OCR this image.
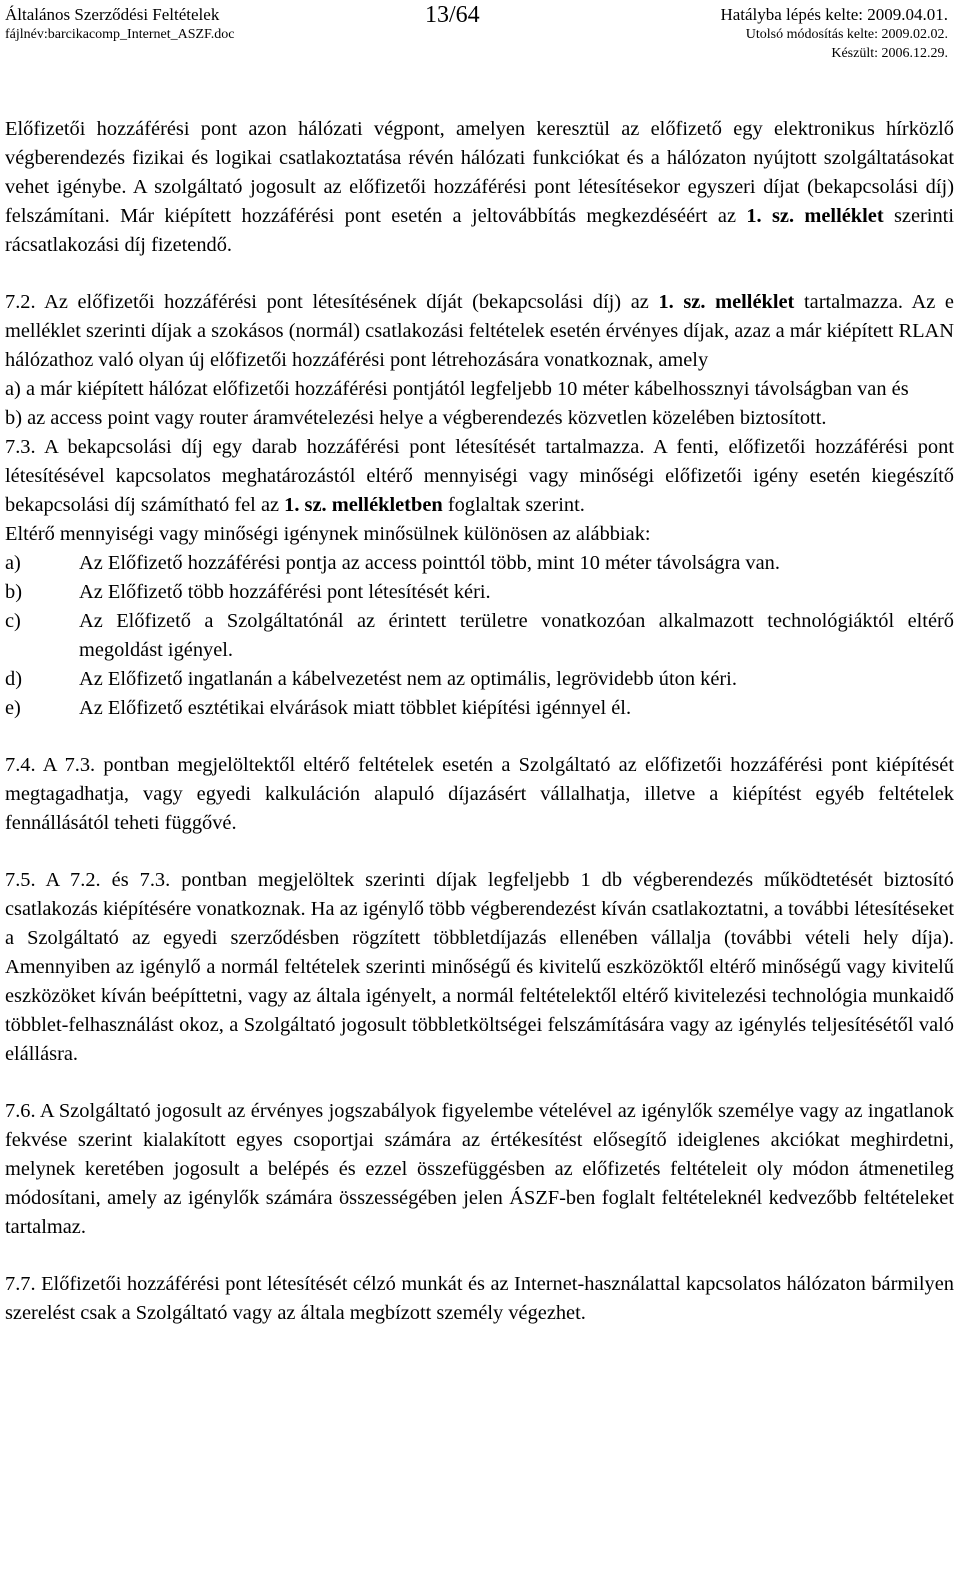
Általános Szerződési Feltételek
fájlnév:barcikacomp_Internet_ASZF.doc
13/64	Hatályba lépés kelte: 2009.04.01.
Utolsó módosítás kelte: 2009.02.02.
Készült: 2006.12.29.

Előfizetői hozzáférési pont azon hálózati végpont, amelyen keresztül az előfizető egy elektronikus hírközlő végberendezés fizikai és logikai csatlakoztatása révén hálózati funkciókat és a hálózaton nyújtott szolgáltatásokat vehet igénybe. A szolgáltató jogosult az előfizetői hozzáférési pont létesítésekor egyszeri díjat (bekapcsolási díj) felszámítani. Már kiépített hozzáférési pont esetén a jeltovábbítás megkezdéséért az 1. sz. melléklet szerinti rácsatlakozási díj fizetendő.

7.2. Az előfizetői hozzáférési pont létesítésének díját (bekapcsolási díj) az 1. sz. melléklet tartalmazza. Az e melléklet szerinti díjak a szokásos (normál) csatlakozási feltételek esetén érvényes díjak, azaz a már kiépített RLAN hálózathoz való olyan új előfizetői hozzáférési pont létrehozására vonatkoznak, amely

a) a már kiépített hálózat előfizetői hozzáférési pontjától legfeljebb 10 méter kábelhossznyi távolságban van és

b) az access point vagy router áramvételezési helye a végberendezés közvetlen közelében biztosított.

7.3. A bekapcsolási díj egy darab hozzáférési pont létesítését tartalmazza. A fenti, előfizetői hozzáférési pont létesítésével kapcsolatos meghatározástól eltérő mennyiségi vagy minőségi előfizetői igény esetén kiegészítő bekapcsolási díj számítható fel az 1. sz. mellékletben foglaltak szerint.

Eltérő mennyiségi vagy minőségi igénynek minősülnek különösen az alábbiak:

a)	Az Előfizető hozzáférési pontja az access pointtól több, mint 10 méter távolságra van.
b)	Az Előfizető több hozzáférési pont létesítését kéri.
c)	Az Előfizető a Szolgáltatónál az érintett területre vonatkozóan alkalmazott technológiáktól eltérő megoldást igényel.
d)	Az Előfizető ingatlanán a kábelvezetést nem az optimális, legrövidebb úton kéri.
e)	Az Előfizető esztétikai elvárások miatt többlet kiépítési igénnyel él.

7.4. A 7.3. pontban megjelöltektől eltérő feltételek esetén a Szolgáltató az előfizetői hozzáférési pont kiépítését megtagadhatja, vagy egyedi kalkuláción alapuló díjazásért vállalhatja, illetve a kiépítést egyéb feltételek fennállásától teheti függővé.

7.5. A 7.2. és 7.3. pontban megjelöltek szerinti díjak legfeljebb 1 db végberendezés működtetését biztosító csatlakozás kiépítésére vonatkoznak. Ha az igénylő több végberendezést kíván csatlakoztatni, a további létesítéseket a Szolgáltató az egyedi szerződésben rögzített többletdíjazás ellenében vállalja (további vételi hely díja). Amennyiben az igénylő a normál feltételek szerinti minőségű és kivitelű eszközöktől eltérő minőségű vagy kivitelű eszközöket kíván beépíttetni, vagy az általa igényelt, a normál feltételektől eltérő kivitelezési technológia munkaidő többlet-felhasználást okoz, a Szolgáltató jogosult többletköltségei felszámítására vagy az igénylés teljesítésétől való elállásra.

7.6. A Szolgáltató jogosult az érvényes jogszabályok figyelembe vételével az igénylők személye vagy az ingatlanok fekvése szerint kialakított egyes csoportjai számára az értékesítést elősegítő ideiglenes akciókat meghirdetni, melynek keretében jogosult a belépés és ezzel összefüggésben az előfizetés feltételeit oly módon átmenetileg módosítani, amely az igénylők számára összességében jelen ÁSZF-ben foglalt feltételeknél kedvezőbb feltételeket tartalmaz.

7.7. Előfizetői hozzáférési pont létesítését célzó munkát és az Internet-használattal kapcsolatos hálózaton bármilyen szerelést csak a Szolgáltató vagy az általa megbízott személy végezhet.
